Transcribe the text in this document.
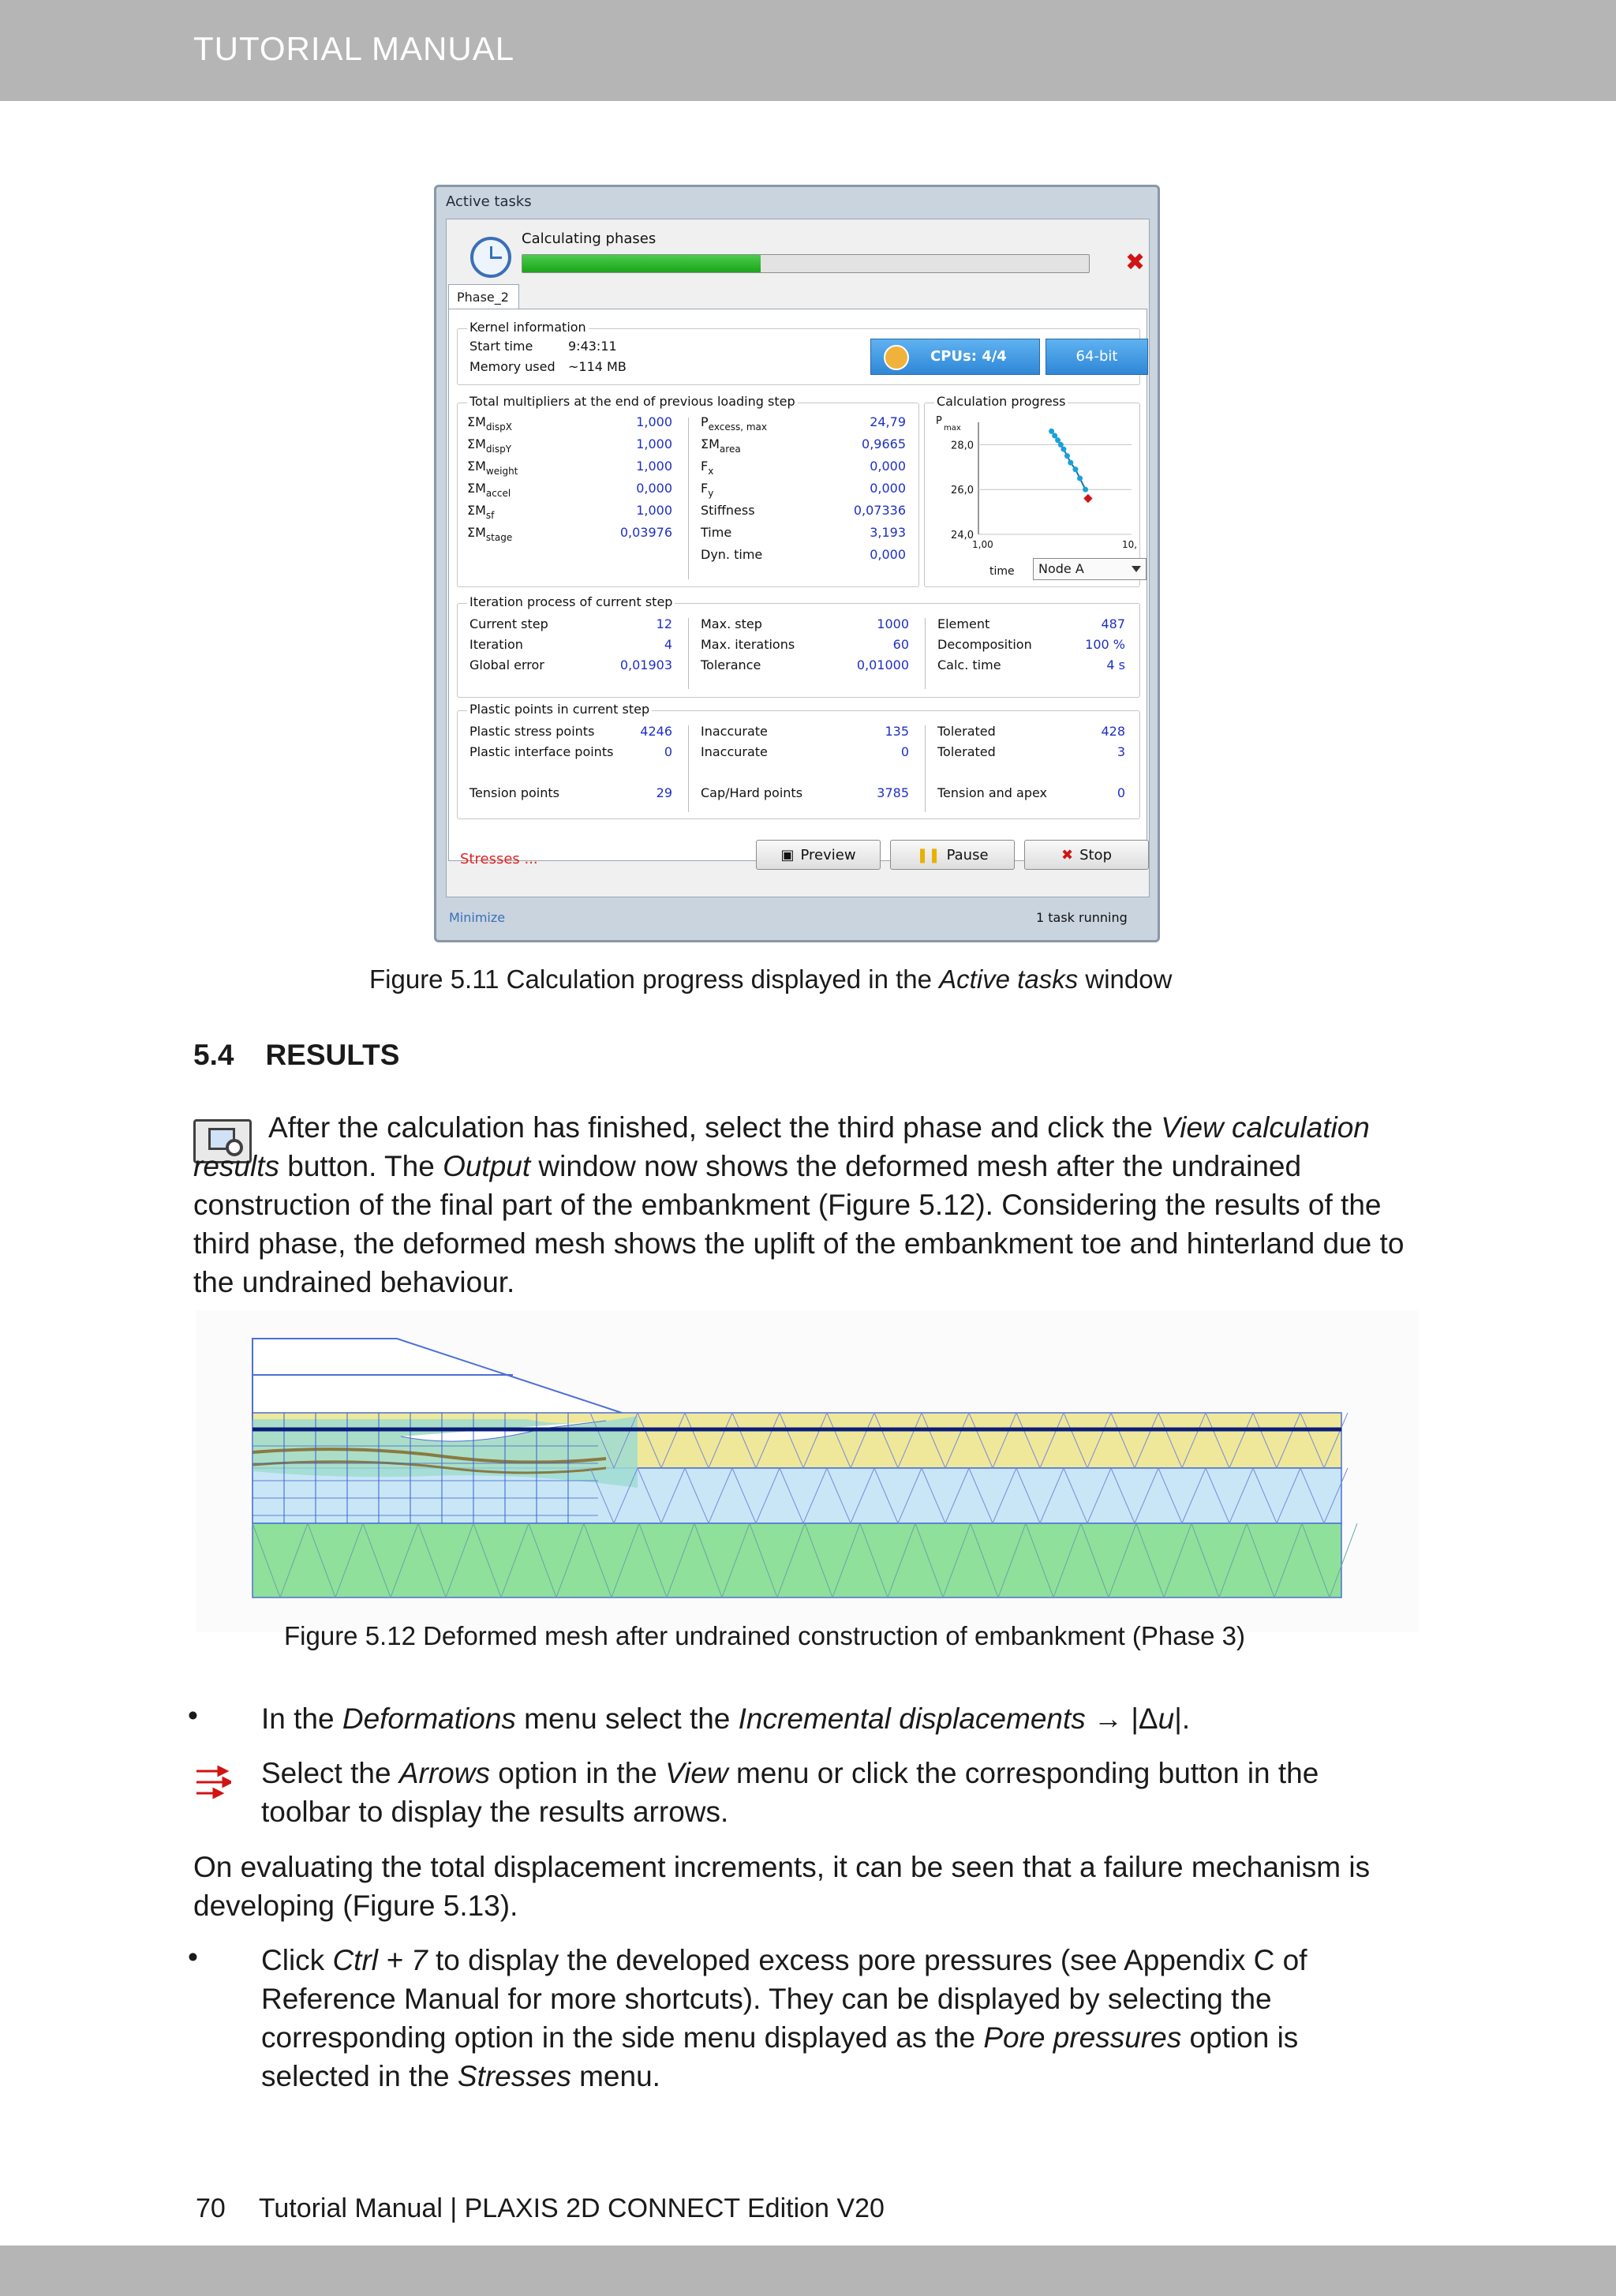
TUTORIAL MANUAL
Active tasks
Calculating phases
✖
Phase_2
Kernel information
Start time	9:43:11
Memory used ~114 MB
CPUs: 4/4	64-bit
Total multipliers at the end of previous loading step
$\Sigma M_{dispX}$	1,000
$\Sigma M_{dispY}$	1,000
$\Sigma M_{weight}$	1,000
$\Sigma M_{accel}$	0,000
$\Sigma M_{sf}$	1,000
$\Sigma M_{stage}$	0,03976
$P_{excess, max}$	24,79
$\Sigma M_{area}$	0,9665
$F_x$	0,000
$F_y$	0,000
Stiffness	0,07336
Time	3,193
Dyn. time	0,000
Calculation progress
28,0
26,0
24,0
P
max
1,00	10,
time	Node A
Iteration process of current step
Current step	12
Iteration	4
Global error	0,01903
Max. step	1000
Max. iterations	60
Tolerance	0,01000
Element	487
Decomposition	100 %
Calc. time	4 s
Plastic points in current step
Plastic stress points	4246
Plastic interface points	0
Tension points	29
Inaccurate	135
Inaccurate	0
Cap/Hard points	3785
Tolerated	428
Tolerated	3
Tension and apex	0
Stresses ...	▣ Preview	❚❚ Pause	✖ Stop
Minimize	1 task running
Figure 5.11 Calculation progress displayed in the Active tasks window
5.4 RESULTS
After the calculation has finished, select the third phase and click the View calculation results button. The Output window now shows the deformed mesh after the undrained construction of the final part of the embankment (Figure 5.12). Considering the results of the third phase, the deformed mesh shows the uplift of the embankment toe and hinterland due to the undrained behaviour.
Figure 5.12 Deformed mesh after undrained construction of embankment (Phase 3)
• In the Deformations menu select the Incremental displacements → |Δu|.
Select the Arrows option in the View menu or click the corresponding button in the toolbar to display the results arrows.
On evaluating the total displacement increments, it can be seen that a failure mechanism is developing (Figure 5.13).
• Click Ctrl + 7 to display the developed excess pore pressures (see Appendix C of Reference Manual for more shortcuts). They can be displayed by selecting the corresponding option in the side menu displayed as the Pore pressures option is selected in the Stresses menu.
70 Tutorial Manual | PLAXIS 2D CONNECT Edition V20
